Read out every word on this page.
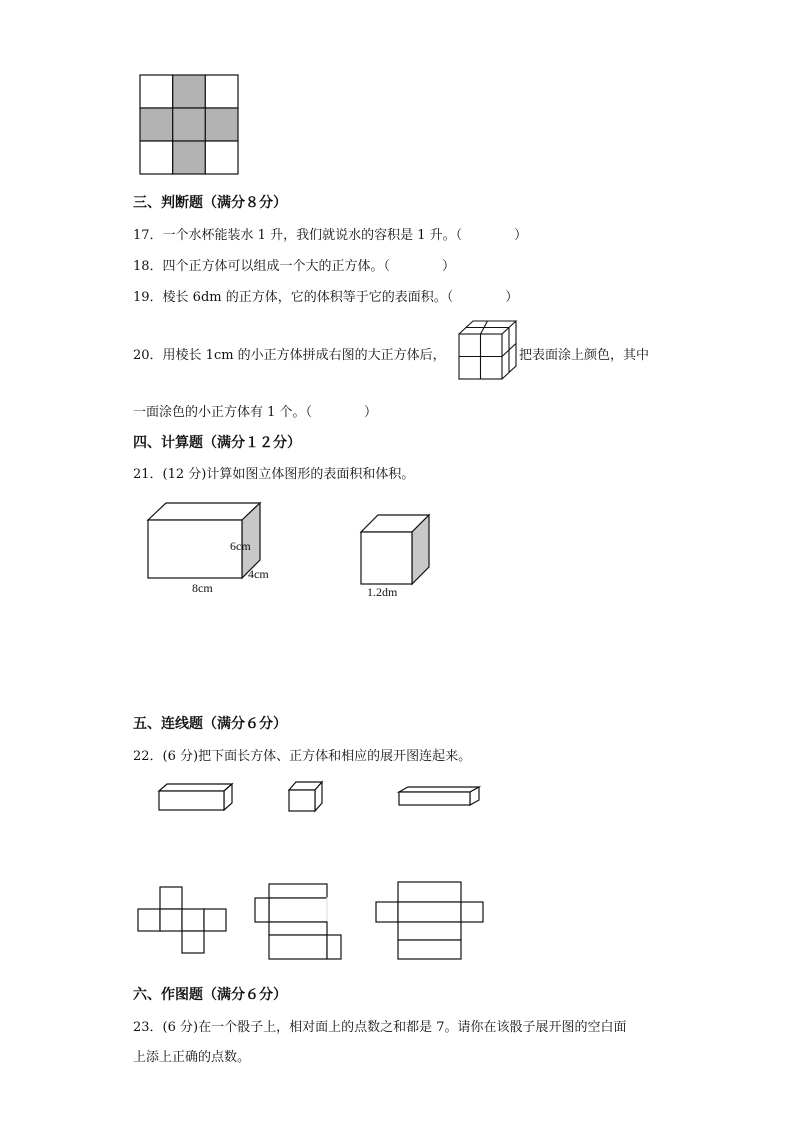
三、判断题（满分８分）
17．一个水杯能装水 1 升，我们就说水的容积是 1 升。（　　　　）
18．四个正方体可以组成一个大的正方体。（　　　　）
19．棱长 6dm 的正方体，它的体积等于它的表面积。（　　　　）
20．用棱长 1cm 的小正方体拼成右图的大正方体后，	把表面涂上颜色，其中
一面涂色的小正方体有 1 个。（　　　　）
四、计算题（满分１２分）
21．(12 分)计算如图立体图形的表面积和体积。
6cm
4cm
8cm	1.2dm
五、连线题（满分６分）
22．(6 分)把下面长方体、正方体和相应的展开图连起来。
六、作图题（满分６分）
23．(6 分)在一个骰子上，相对面上的点数之和都是 7。请你在该骰子展开图的空白面
上添上正确的点数。
